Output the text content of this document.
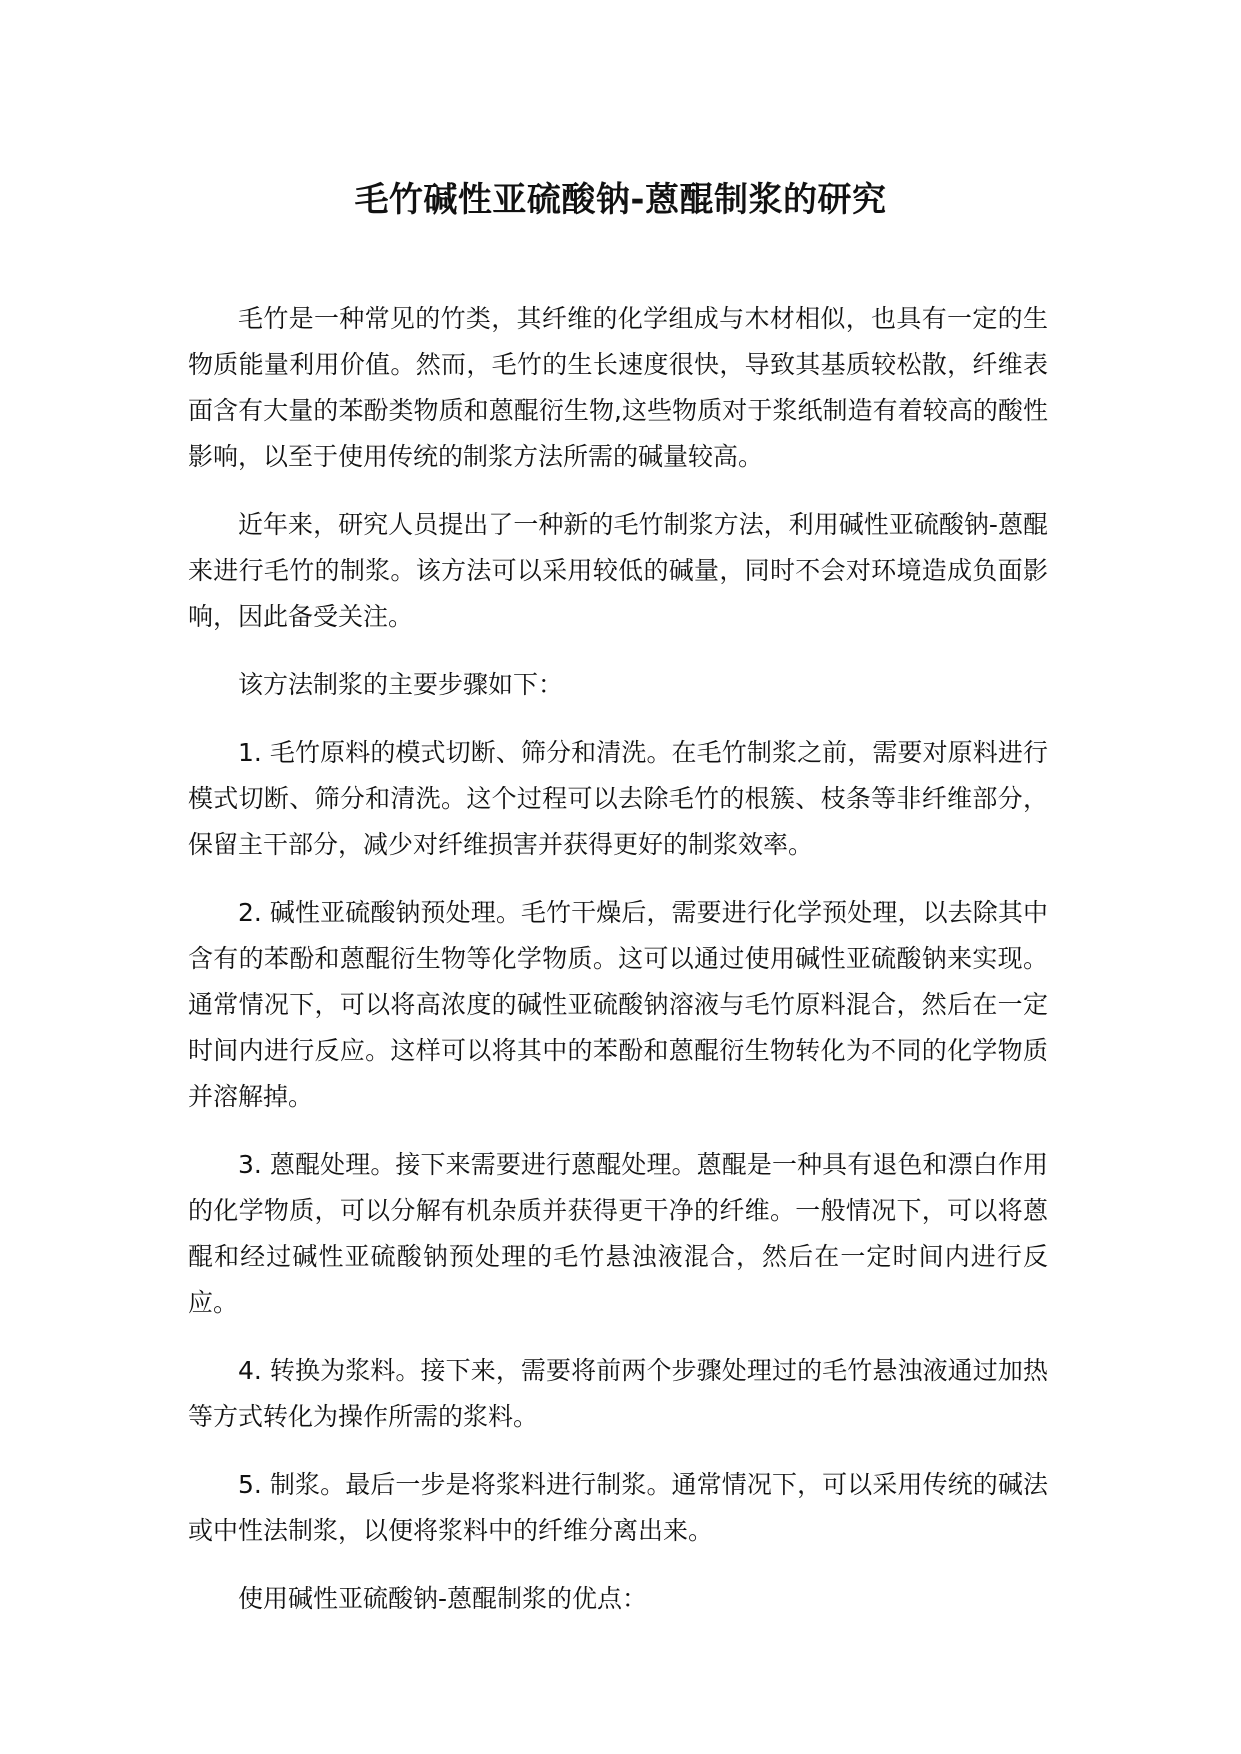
毛竹碱性亚硫酸钠-蒽醌制浆的研究

毛竹是一种常见的竹类，其纤维的化学组成与木材相似，也具有一定的生物质能量利用价值。然而，毛竹的生长速度很快，导致其基质较松散，纤维表面含有大量的苯酚类物质和蒽醌衍生物,这些物质对于浆纸制造有着较高的酸性影响，以至于使用传统的制浆方法所需的碱量较高。

近年来，研究人员提出了一种新的毛竹制浆方法，利用碱性亚硫酸钠-蒽醌来进行毛竹的制浆。该方法可以采用较低的碱量，同时不会对环境造成负面影响，因此备受关注。

该方法制浆的主要步骤如下：

1. 毛竹原料的模式切断、筛分和清洗。在毛竹制浆之前，需要对原料进行模式切断、筛分和清洗。这个过程可以去除毛竹的根簇、枝条等非纤维部分，保留主干部分，减少对纤维损害并获得更好的制浆效率。

2. 碱性亚硫酸钠预处理。毛竹干燥后，需要进行化学预处理，以去除其中含有的苯酚和蒽醌衍生物等化学物质。这可以通过使用碱性亚硫酸钠来实现。通常情况下，可以将高浓度的碱性亚硫酸钠溶液与毛竹原料混合，然后在一定时间内进行反应。这样可以将其中的苯酚和蒽醌衍生物转化为不同的化学物质并溶解掉。

3. 蒽醌处理。接下来需要进行蒽醌处理。蒽醌是一种具有退色和漂白作用的化学物质，可以分解有机杂质并获得更干净的纤维。一般情况下，可以将蒽醌和经过碱性亚硫酸钠预处理的毛竹悬浊液混合，然后在一定时间内进行反应。

4. 转换为浆料。接下来，需要将前两个步骤处理过的毛竹悬浊液通过加热等方式转化为操作所需的浆料。

5. 制浆。最后一步是将浆料进行制浆。通常情况下，可以采用传统的碱法或中性法制浆，以便将浆料中的纤维分离出来。

使用碱性亚硫酸钠-蒽醌制浆的优点：
